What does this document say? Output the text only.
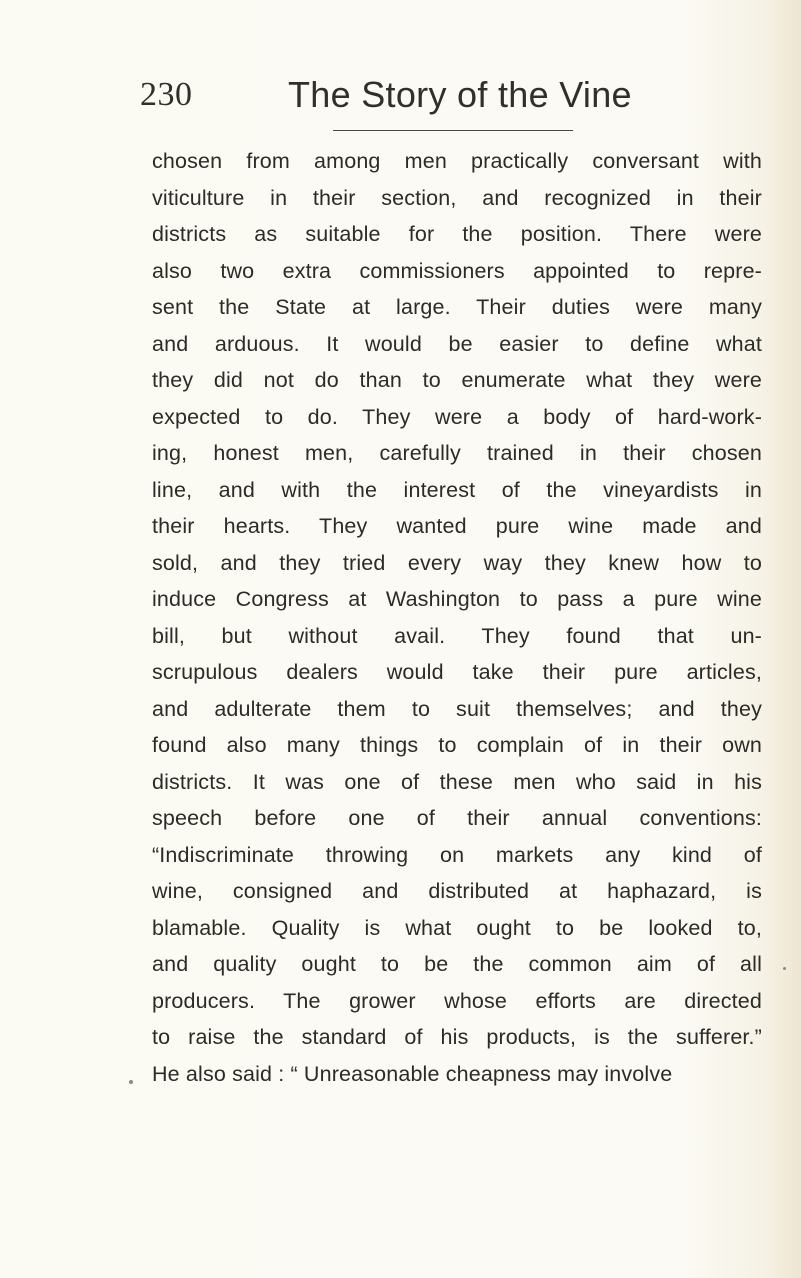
230	The Story of the Vine
chosen from among men practically conversant with
viticulture in their section, and recognized in their
districts as suitable for the position. There were
also two extra commissioners appointed to repre-
sent the State at large. Their duties were many
and arduous. It would be easier to define what
they did not do than to enumerate what they were
expected to do. They were a body of hard-work-
ing, honest men, carefully trained in their chosen
line, and with the interest of the vineyardists in
their hearts. They wanted pure wine made and
sold, and they tried every way they knew how to
induce Congress at Washington to pass a pure wine
bill, but without avail. They found that un-
scrupulous dealers would take their pure articles,
and adulterate them to suit themselves; and they
found also many things to complain of in their own
districts. It was one of these men who said in his
speech before one of their annual conventions:
“Indiscriminate throwing on markets any kind of
wine, consigned and distributed at haphazard, is
blamable. Quality is what ought to be looked to,
and quality ought to be the common aim of all
producers. The grower whose efforts are directed
to raise the standard of his products, is the sufferer.”
He also said : “ Unreasonable cheapness may involve
